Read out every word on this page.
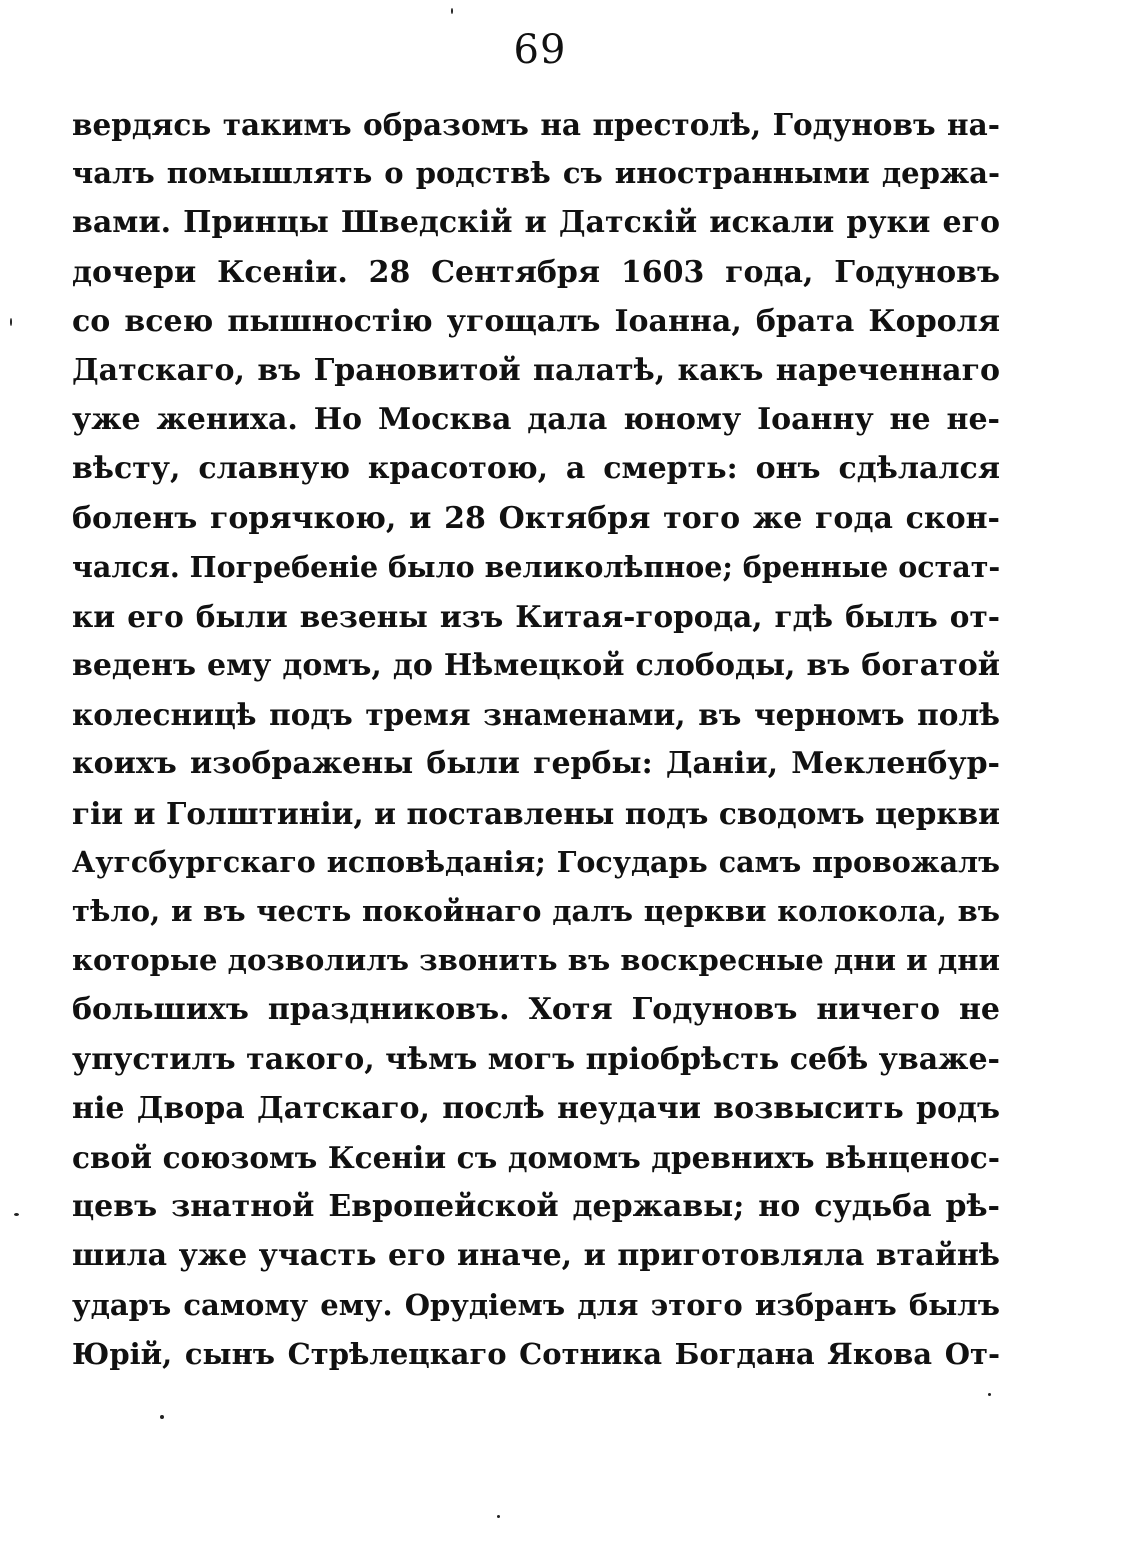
69
вердясь такимъ образомъ на престолѣ, Годуновъ на-
чалъ помышлять о родствѣ съ иностранными держа-
вами. Принцы Шведскій и Датскій искали руки его
дочери Ксеніи. 28 Сентября 1603 года, Годуновъ
со всею пышностію угощалъ Іоанна, брата Короля
Датскаго, въ Грановитой палатѣ, какъ нареченнаго
уже жениха. Но Москва дала юному Іоанну не не-
вѣсту, славную красотою, а смерть: онъ сдѣлался
боленъ горячкою, и 28 Октября того же года скон-
чался. Погребеніе было великолѣпное; бренные остат-
ки его были везены изъ Китая-города, гдѣ былъ от-
веденъ ему домъ, до Нѣмецкой слободы, въ богатой
колесницѣ подъ тремя знаменами, въ черномъ полѣ
коихъ изображены были гербы: Даніи, Мекленбур-
гіи и Голштиніи, и поставлены подъ сводомъ церкви
Аугсбургскаго исповѣданія; Государь самъ провожалъ
тѣло, и въ честь покойнаго далъ церкви колокола, въ
которые дозволилъ звонить въ воскресные дни и дни
большихъ праздниковъ. Хотя Годуновъ ничего не
упустилъ такого, чѣмъ могъ пріобрѣсть себѣ уваже-
ніе Двора Датскаго, послѣ неудачи возвысить родъ
свой союзомъ Ксеніи съ домомъ древнихъ вѣнценос-
цевъ знатной Европейской державы; но судьба рѣ-
шила уже участь его иначе, и приготовляла втайнѣ
ударъ самому ему. Орудіемъ для этого избранъ былъ
Юрій, сынъ Стрѣлецкаго Сотника Богдана Якова От-
